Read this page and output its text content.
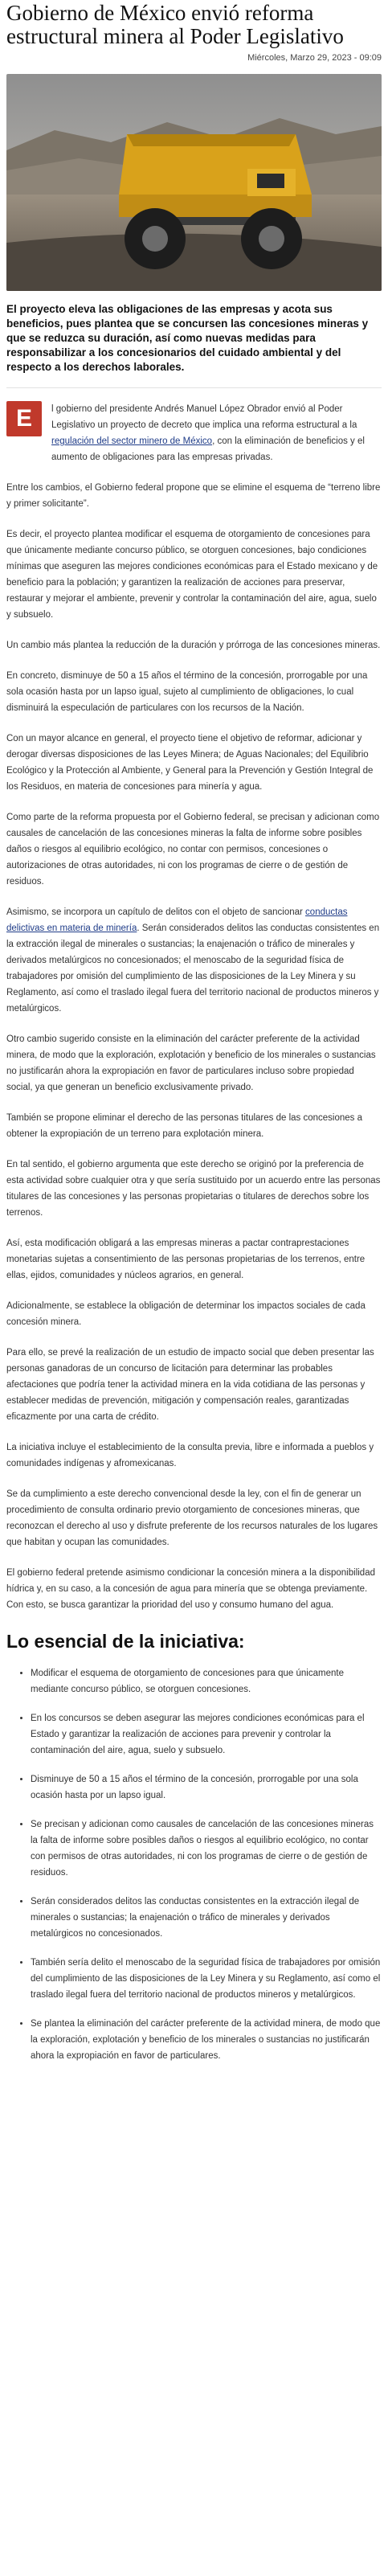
Gobierno de México envió reforma estructural minera al Poder Legislativo
Miércoles, Marzo 29, 2023 - 09:09
El proyecto eleva las obligaciones de las empresas y acota sus beneficios, pues plantea que se concursen las concesiones mineras y que se reduzca su duración, así como nuevas medidas para responsabilizar a los concesionarios del cuidado ambiental y del respecto a los derechos laborales.

E	l gobierno del presidente Andrés Manuel López Obrador envió al Poder Legislativo un proyecto de decreto que implica una reforma estructural a la regulación del sector minero de México, con la eliminación de beneficios y el aumento de obligaciones para las empresas privadas.

Entre los cambios, el Gobierno federal propone que se elimine el esquema de “terreno libre y primer solicitante”.

Es decir, el proyecto plantea modificar el esquema de otorgamiento de concesiones para que únicamente mediante concurso público, se otorguen concesiones, bajo condiciones mínimas que aseguren las mejores condiciones económicas para el Estado mexicano y de beneficio para la población; y garantizen la realización de acciones para preservar, restaurar y mejorar el ambiente, prevenir y controlar la contaminación del aire, agua, suelo y subsuelo.

Un cambio más plantea la reducción de la duración y prórroga de las concesiones mineras.

En concreto, disminuye de 50 a 15 años el término de la concesión, prorrogable por una sola ocasión hasta por un lapso igual, sujeto al cumplimiento de obligaciones, lo cual disminuirá la especulación de particulares con los recursos de la Nación.

Con un mayor alcance en general, el proyecto tiene el objetivo de reformar, adicionar y derogar diversas disposiciones de las Leyes Minera; de Aguas Nacionales; del Equilibrio Ecológico y la Protección al Ambiente, y General para la Prevención y Gestión Integral de los Residuos, en materia de concesiones para minería y agua.

Como parte de la reforma propuesta por el Gobierno federal, se precisan y adicionan como causales de cancelación de las concesiones mineras la falta de informe sobre posibles daños o riesgos al equilibrio ecológico, no contar con permisos, concesiones o autorizaciones de otras autoridades, ni con los programas de cierre o de gestión de residuos.

Asimismo, se incorpora un capítulo de delitos con el objeto de sancionar conductas delictivas en materia de minería. Serán considerados delitos las conductas consistentes en la extracción ilegal de minerales o sustancias; la enajenación o tráfico de minerales y derivados metalúrgicos no concesionados; el menoscabo de la seguridad física de trabajadores por omisión del cumplimiento de las disposiciones de la Ley Minera y su Reglamento, así como el traslado ilegal fuera del territorio nacional de productos mineros y metalúrgicos.

Otro cambio sugerido consiste en la eliminación del carácter preferente de la actividad minera, de modo que la exploración, explotación y beneficio de los minerales o sustancias no justificarán ahora la expropiación en favor de particulares incluso sobre propiedad social, ya que generan un beneficio exclusivamente privado.

También se propone eliminar el derecho de las personas titulares de las concesiones a obtener la expropiación de un terreno para explotación minera.

En tal sentido, el gobierno argumenta que este derecho se originó por la preferencia de esta actividad sobre cualquier otra y que sería sustituido por un acuerdo entre las personas titulares de las concesiones y las personas propietarias o titulares de derechos sobre los terrenos.

Así, esta modificación obligará a las empresas mineras a pactar contraprestaciones monetarias sujetas a consentimiento de las personas propietarias de los terrenos, entre ellas, ejidos, comunidades y núcleos agrarios, en general.

Adicionalmente, se establece la obligación de determinar los impactos sociales de cada concesión minera.

Para ello, se prevé la realización de un estudio de impacto social que deben presentar las personas ganadoras de un concurso de licitación para determinar las probables afectaciones que podría tener la actividad minera en la vida cotidiana de las personas y establecer medidas de prevención, mitigación y compensación reales, garantizadas eficazmente por una carta de crédito.

La iniciativa incluye el establecimiento de la consulta previa, libre e informada a pueblos y comunidades indígenas y afromexicanas.

Se da cumplimiento a este derecho convencional desde la ley, con el fin de generar un procedimiento de consulta ordinario previo otorgamiento de concesiones mineras, que reconozcan el derecho al uso y disfrute preferente de los recursos naturales de los lugares que habitan y ocupan las comunidades.

El gobierno federal pretende asimismo condicionar la concesión minera a la disponibilidad hídrica y, en su caso, a la concesión de agua para minería que se obtenga previamente. Con esto, se busca garantizar la prioridad del uso y consumo humano del agua.

Lo esencial de la iniciativa:
• Modificar el esquema de otorgamiento de concesiones para que únicamente mediante concurso público, se otorguen concesiones.
• En los concursos se deben asegurar las mejores condiciones económicas para el Estado y garantizar la realización de acciones para prevenir y controlar la contaminación del aire, agua, suelo y subsuelo.
• Disminuye de 50 a 15 años el término de la concesión, prorrogable por una sola ocasión hasta por un lapso igual.
• Se precisan y adicionan como causales de cancelación de las concesiones mineras la falta de informe sobre posibles daños o riesgos al equilibrio ecológico, no contar con permisos de otras autoridades, ni con los programas de cierre o de gestión de residuos.
• Serán considerados delitos las conductas consistentes en la extracción ilegal de minerales o sustancias; la enajenación o tráfico de minerales y derivados metalúrgicos no concesionados.
• También sería delito el menoscabo de la seguridad física de trabajadores por omisión del cumplimiento de las disposiciones de la Ley Minera y su Reglamento, así como el traslado ilegal fuera del territorio nacional de productos mineros y metalúrgicos.
• Se plantea la eliminación del carácter preferente de la actividad minera, de modo que la exploración, explotación y beneficio de los minerales o sustancias no justificarán ahora la expropiación en favor de particulares.
